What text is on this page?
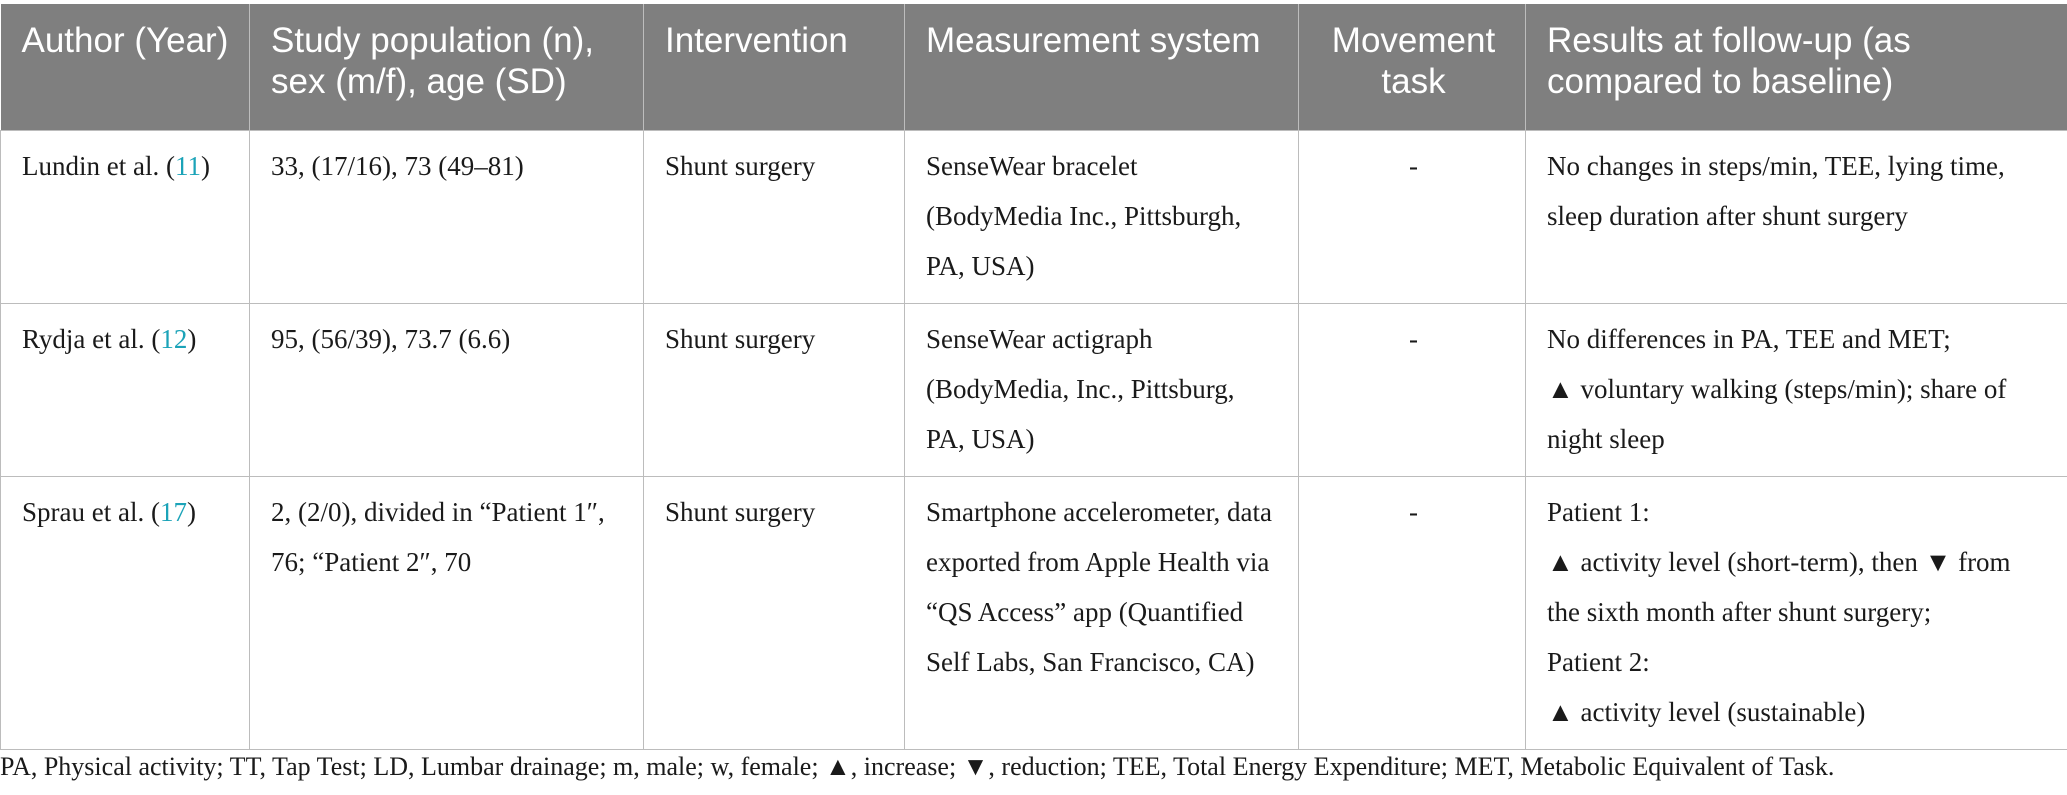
Author (Year)	Study population (n), sex (m/f), age (SD)	Intervention	Measurement system	Movement task	Results at follow-up (as compared to baseline)
Lundin et al. (11)	33, (17/16), 73 (49–81)	Shunt surgery	SenseWear bracelet (BodyMedia Inc., Pittsburgh, PA, USA)	-	No changes in steps/min, TEE, lying time, sleep duration after shunt surgery

Rydja et al. (12)	95, (56/39), 73.7 (6.6)	Shunt surgery	SenseWear actigraph (BodyMedia, Inc., Pittsburg, PA, USA)	-	No differences in PA, TEE and MET;
▲ voluntary walking (steps/min); share of night sleep

Sprau et al. (17)	2, (2/0), divided in “Patient 1″, 76; “Patient 2″, 70	Shunt surgery	Smartphone accelerometer, data exported from Apple Health via “QS Access” app (Quantified Self Labs, San Francisco, CA)	-	Patient 1:
▲ activity level (short-term), then ▼ from the sixth month after shunt surgery;
Patient 2:
▲ activity level (sustainable)
PA, Physical activity; TT, Tap Test; LD, Lumbar drainage; m, male; w, female; ▲, increase; ▼, reduction; TEE, Total Energy Expenditure; MET, Metabolic Equivalent of Task.
